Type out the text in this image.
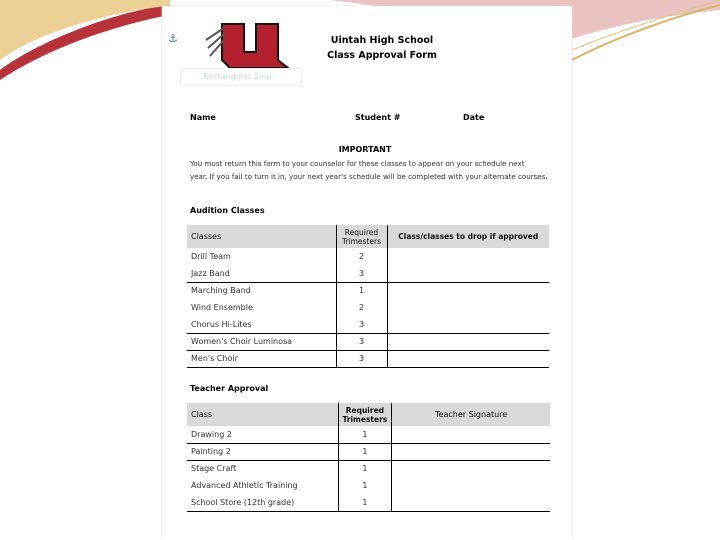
⚓
Rectangular Snip
Uintah High School
Class Approval Form
Name	Student #	Date
IMPORTANT
You must return this form to your counselor for these classes to appear on your schedule next
year. If you fail to turn it in, your next year's schedule will be completed with your alternate courses.
Audition Classes
Classes	Required Trimesters	Class/classes to drop if approved
Drill Team	2	
Jazz Band	3	
Marching Band	1	
Wind Ensemble	2	
Chorus Hi-Lites	3	
Women's Choir Luminosa	3	
Men's Choir	3	
Teacher Approval
Class	Required Trimesters	Teacher Signature
Drawing 2	1	
Painting 2	1	
Stage Craft	1	
Advanced Athletic Training	1	
School Store (12th grade)	1	
